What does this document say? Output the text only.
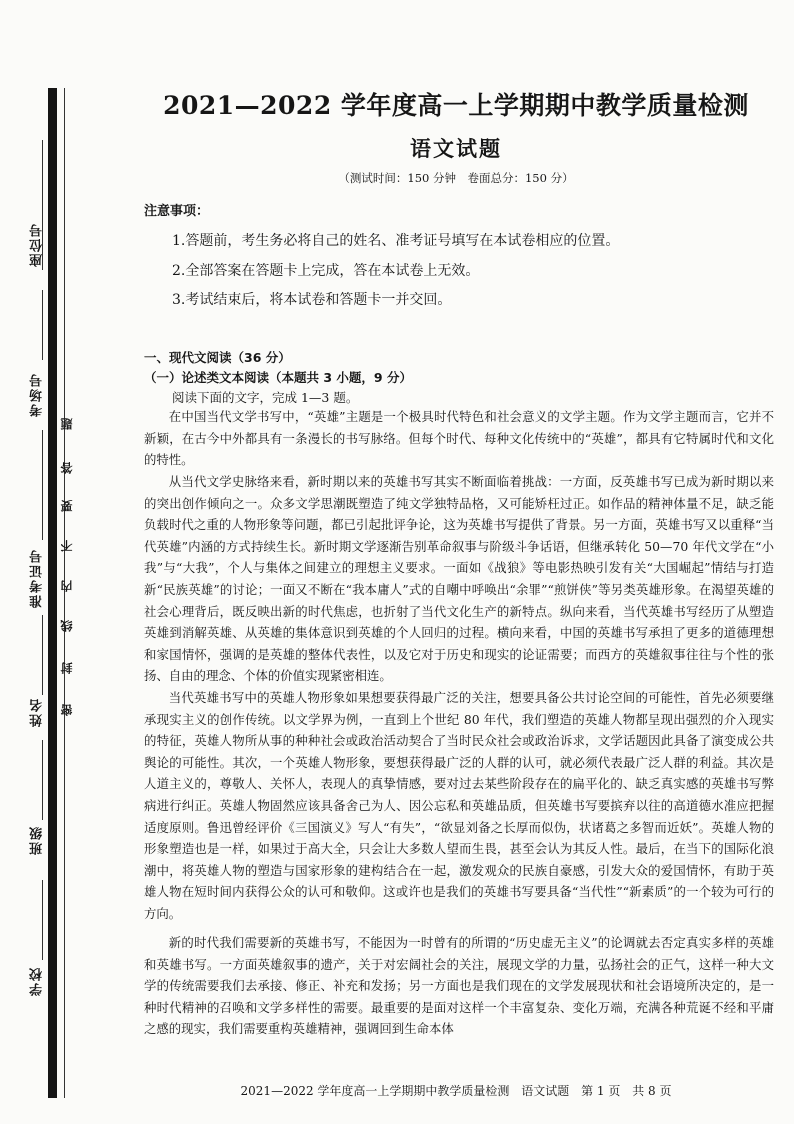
座位号
考场号
准考证号
姓名
班级
学校
题
答
要
不
内
线
封
密
2021—2022 学年度高一上学期期中教学质量检测
语文试题
（测试时间：150 分钟　卷面总分：150 分）
注意事项：
1.答题前，考生务必将自己的姓名、准考证号填写在本试卷相应的位置。
2.全部答案在答题卡上完成，答在本试卷上无效。
3.考试结束后，将本试卷和答题卡一并交回。
一、现代文阅读（36 分）
（一）论述类文本阅读（本题共 3 小题，9 分）
阅读下面的文字，完成 1—3 题。
在中国当代文学书写中，“英雄”主题是一个极具时代特色和社会意义的文学主题。作为文学主题而言，它并不新颖，在古今中外都具有一条漫长的书写脉络。但每个时代、每种文化传统中的“英雄”，都具有它特属时代和文化的特性。
从当代文学史脉络来看，新时期以来的英雄书写其实不断面临着挑战：一方面，反英雄书写已成为新时期以来的突出创作倾向之一。众多文学思潮既塑造了纯文学独特品格，又可能矫枉过正。如作品的精神体量不足，缺乏能负载时代之重的人物形象等问题，都已引起批评争论，这为英雄书写提供了背景。另一方面，英雄书写又以重释“当代英雄”内涵的方式持续生长。新时期文学逐渐告别革命叙事与阶级斗争话语，但继承转化 50—70 年代文学在“小我”与“大我”，个人与集体之间建立的理想主义要求。一面如《战狼》等电影热映引发有关“大国崛起”情结与打造新“民族英雄”的讨论；一面又不断在“我本庸人”式的自嘲中呼唤出“余罪”“煎饼侠”等另类英雄形象。在渴望英雄的社会心理背后，既反映出新的时代焦虑，也折射了当代文化生产的新特点。纵向来看，当代英雄书写经历了从塑造英雄到消解英雄、从英雄的集体意识到英雄的个人回归的过程。横向来看，中国的英雄书写承担了更多的道德理想和家国情怀，强调的是英雄的整体代表性，以及它对于历史和现实的论证需要；而西方的英雄叙事往往与个性的张扬、自由的理念、个体的价值实现紧密相连。
当代英雄书写中的英雄人物形象如果想要获得最广泛的关注，想要具备公共讨论空间的可能性，首先必须要继承现实主义的创作传统。以文学界为例，一直到上个世纪 80 年代，我们塑造的英雄人物都呈现出强烈的介入现实的特征，英雄人物所从事的种种社会或政治活动契合了当时民众社会或政治诉求，文学话题因此具备了演变成公共舆论的可能性。其次，一个英雄人物形象，要想获得最广泛的人群的认可，就必须代表最广泛人群的利益。其次是人道主义的，尊敬人、关怀人，表现人的真挚情感，要对过去某些阶段存在的扁平化的、缺乏真实感的英雄书写弊病进行纠正。英雄人物固然应该具备舍己为人、因公忘私和英雄品质，但英雄书写要摈弃以往的高道德水准应把握适度原则。鲁迅曾经评价《三国演义》写人“有失”，“欲显刘备之长厚而似伪，状诸葛之多智而近妖”。英雄人物的形象塑造也是一样，如果过于高大全，只会让大多数人望而生畏，甚至会认为其反人性。最后，在当下的国际化浪潮中，将英雄人物的塑造与国家形象的建构结合在一起，激发观众的民族自豪感，引发大众的爱国情怀，有助于英雄人物在短时间内获得公众的认可和敬仰。这或许也是我们的英雄书写要具备“当代性”“新素质”的一个较为可行的方向。
新的时代我们需要新的英雄书写，不能因为一时曾有的所谓的“历史虚无主义”的论调就去否定真实多样的英雄和英雄书写。一方面英雄叙事的遗产，关于对宏阔社会的关注，展现文学的力量，弘扬社会的正气，这样一种大文学的传统需要我们去承接、修正、补充和发扬；另一方面也是我们现在的文学发展现状和社会语境所决定的，是一种时代精神的召唤和文学多样性的需要。最重要的是面对这样一个丰富复杂、变化万端，充满各种荒诞不经和平庸之感的现实，我们需要重构英雄精神，强调回到生命本体
2021—2022 学年度高一上学期期中教学质量检测 语文试题 第 1 页 共 8 页
